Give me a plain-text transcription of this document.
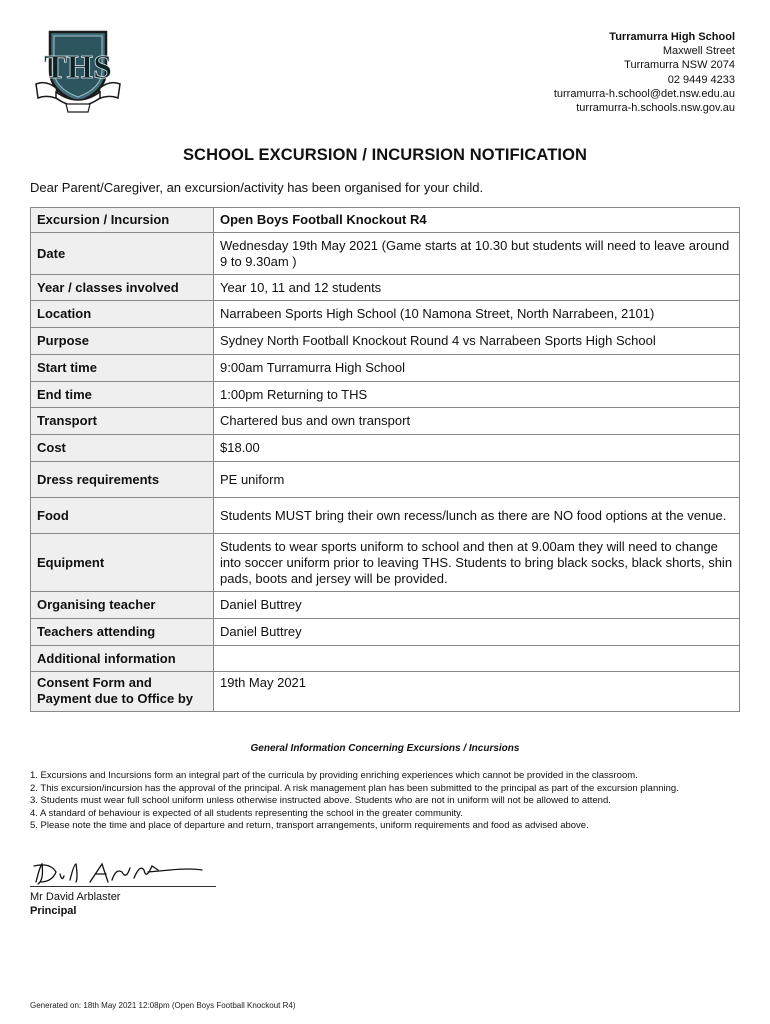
THS
Turramurra High School
Maxwell Street
Turramurra NSW 2074
02 9449 4233
turramurra-h.school@det.nsw.edu.au
turramurra-h.schools.nsw.gov.au
SCHOOL EXCURSION / INCURSION NOTIFICATION
Dear Parent/Caregiver, an excursion/activity has been organised for your child.
Excursion / Incursion	Open Boys Football Knockout R4
Date	Wednesday 19th May 2021 (Game starts at 10.30 but students will need to leave around 9 to 9.30am )
Year / classes involved	Year 10, 11 and 12 students
Location	Narrabeen Sports High School (10 Namona Street, North Narrabeen, 2101)
Purpose	Sydney North Football Knockout Round 4 vs Narrabeen Sports High School
Start time	9:00am Turramurra High School
End time	1:00pm Returning to THS
Transport	Chartered bus and own transport
Cost	$18.00
Dress requirements	PE uniform
Food	Students MUST bring their own recess/lunch as there are NO food options at the venue.
Equipment	Students to wear sports uniform to school and then at 9.00am they will need to change into soccer uniform prior to leaving THS. Students to bring black socks, black shorts, shin pads, boots and jersey will be provided.
Organising teacher	Daniel Buttrey
Teachers attending	Daniel Buttrey
Additional information	
Consent Form and Payment due to Office by	19th May 2021
General Information Concerning Excursions / Incursions
1. Excursions and Incursions form an integral part of the curricula by providing enriching experiences which cannot be provided in the classroom.
2. This excursion/incursion has the approval of the principal. A risk management plan has been submitted to the principal as part of the excursion planning.
3. Students must wear full school uniform unless otherwise instructed above. Students who are not in uniform will not be allowed to attend.
4. A standard of behaviour is expected of all students representing the school in the greater community.
5. Please note the time and place of departure and return, transport arrangements, uniform requirements and food as advised above.
Mr David Arblaster
Principal
Generated on: 18th May 2021 12:08pm (Open Boys Football Knockout R4)
